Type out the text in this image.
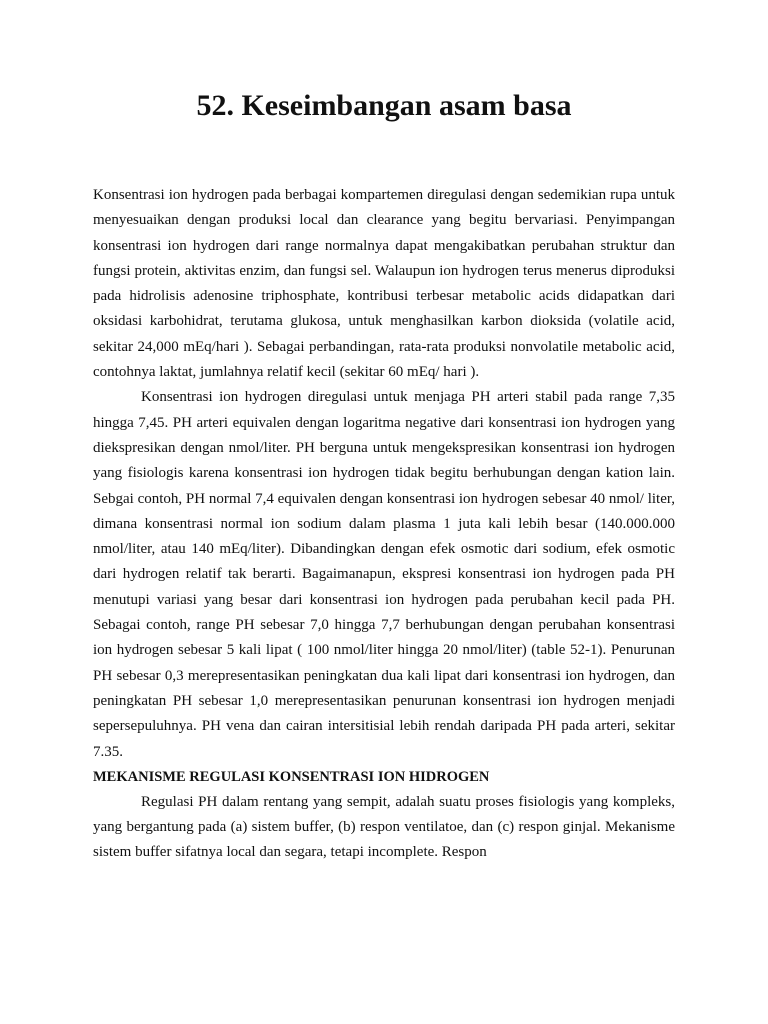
52. Keseimbangan asam basa

Konsentrasi ion hydrogen pada berbagai kompartemen diregulasi dengan sedemikian rupa untuk menyesuaikan dengan produksi local dan clearance yang begitu bervariasi. Penyimpangan konsentrasi ion hydrogen dari range normalnya dapat mengakibatkan perubahan struktur dan fungsi protein, aktivitas enzim, dan fungsi sel. Walaupun ion hydrogen terus menerus diproduksi pada hidrolisis adenosine triphosphate, kontribusi terbesar metabolic acids didapatkan dari oksidasi karbohidrat, terutama glukosa, untuk menghasilkan karbon dioksida (volatile acid, sekitar 24,000 mEq/hari ). Sebagai perbandingan, rata-rata produksi nonvolatile metabolic acid, contohnya laktat, jumlahnya relatif kecil (sekitar 60 mEq/ hari ).

Konsentrasi ion hydrogen diregulasi untuk menjaga PH arteri stabil pada range 7,35 hingga 7,45. PH arteri equivalen dengan logaritma negative dari konsentrasi ion hydrogen yang diekspresikan dengan nmol/liter. PH berguna untuk mengekspresikan konsentrasi ion hydrogen yang fisiologis karena konsentrasi ion hydrogen tidak begitu berhubungan dengan kation lain. Sebgai contoh, PH normal 7,4 equivalen dengan konsentrasi ion hydrogen sebesar 40 nmol/ liter, dimana konsentrasi normal ion sodium dalam plasma 1 juta kali lebih besar (140.000.000 nmol/liter, atau 140 mEq/liter). Dibandingkan dengan efek osmotic dari sodium, efek osmotic dari hydrogen relatif tak berarti. Bagaimanapun, ekspresi konsentrasi ion hydrogen pada PH menutupi variasi yang besar dari konsentrasi ion hydrogen pada perubahan kecil pada PH. Sebagai contoh, range PH sebesar 7,0 hingga 7,7 berhubungan dengan perubahan konsentrasi ion hydrogen sebesar 5 kali lipat ( 100 nmol/liter hingga 20 nmol/liter) (table 52-1). Penurunan PH sebesar 0,3 merepresentasikan peningkatan dua kali lipat dari konsentrasi ion hydrogen, dan peningkatan PH sebesar 1,0 merepresentasikan penurunan konsentrasi ion hydrogen menjadi sepersepuluhnya. PH vena dan cairan intersitisial lebih rendah daripada PH pada arteri, sekitar 7.35.

MEKANISME REGULASI KONSENTRASI ION HIDROGEN

Regulasi PH dalam rentang yang sempit, adalah suatu proses fisiologis yang kompleks, yang bergantung pada (a) sistem buffer, (b) respon ventilatoe, dan (c) respon ginjal. Mekanisme sistem buffer sifatnya local dan segara, tetapi incomplete. Respon
